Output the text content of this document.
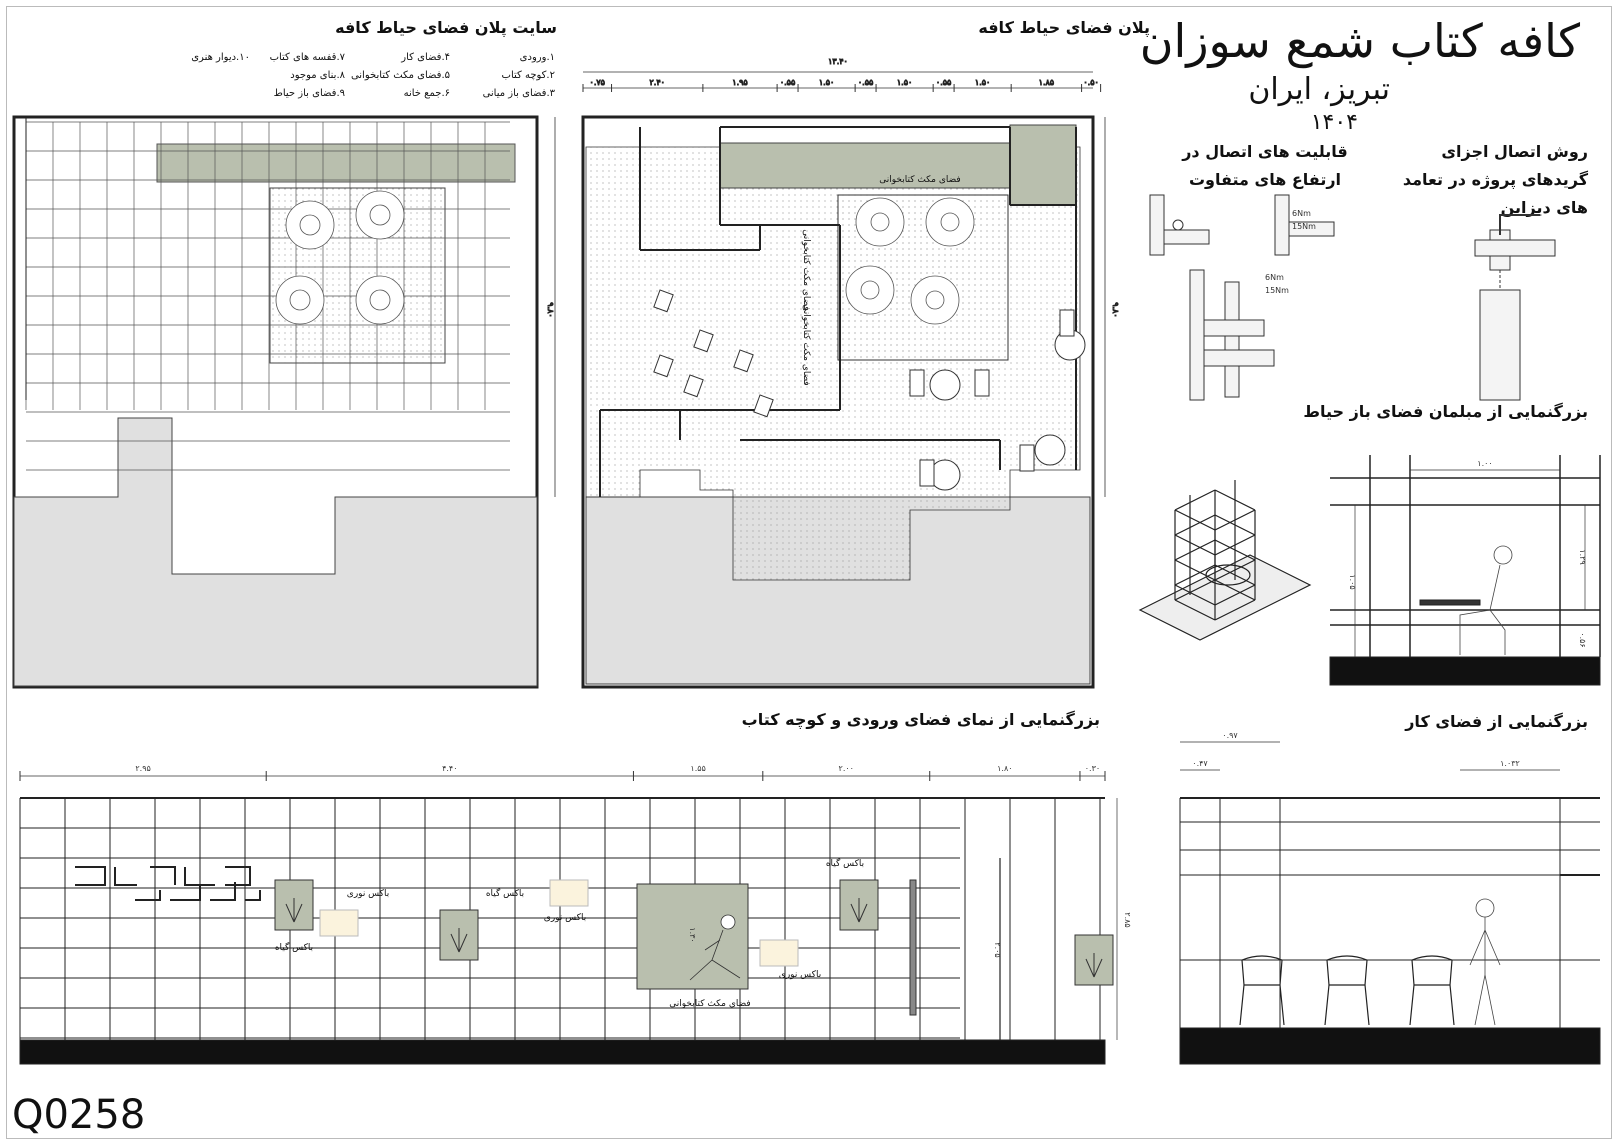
کافه کتاب شمع سوزان
تبریز، ایران
۱۴۰۴
سایت پلان فضای حیاط کافه	پلان فضای حیاط کافه
روش اتصال اجزای گریدهای پروژه در تعامد های دیزاین
قابلیت های اتصال در ارتفاع های متفاوت
بزرگنمایی از مبلمان فضای باز حیاط
بزرگنمایی از نمای فضای ورودی و کوچه کتاب	بزرگنمایی از فضای کار
۱.ورودی
۲.کوچه کتاب
۳.فضای باز میانی
۴.فضای کار
۵.فضای مکث کتابخوانی
۶.جمع خانه
۷.قفسه های کتاب
۸.بنای موجود
۹.فضای باز حیاط
۱۰.دیوار هنری
Q0258
۱۳.۴۰
۰.۷۵	۲.۴۰	۱.۹۵	۰.۵۵	۱.۵۰	۰.۵۵	۱.۵۰	۰.۵۵	۱.۵۰	۱.۸۵	۰.۵۰
۹.۸۰
۹.۸۰
فضای مکث کتابخوانی
فضای مکث کتابخوانی
فضای مکث کتابخوانی
6Nm
15Nm
6Nm
15Nm
۱.۰۰
۱.۰۵
۱.۲۹
۰.۵۶
۲.۹۵	۴.۴۰	۱.۵۵	۲.۰۰	۱.۸۰	۰.۳۰
۲.۸۵
۲.۰۵
۱.۳۰
باکس نوری
باکس گیاه
باکس گیاه
باکس نوری
باکس گیاه
باکس نوری
فضای مکث کتابخوانی
۰.۹۷
۰.۴۷	۱.۰۳۲
